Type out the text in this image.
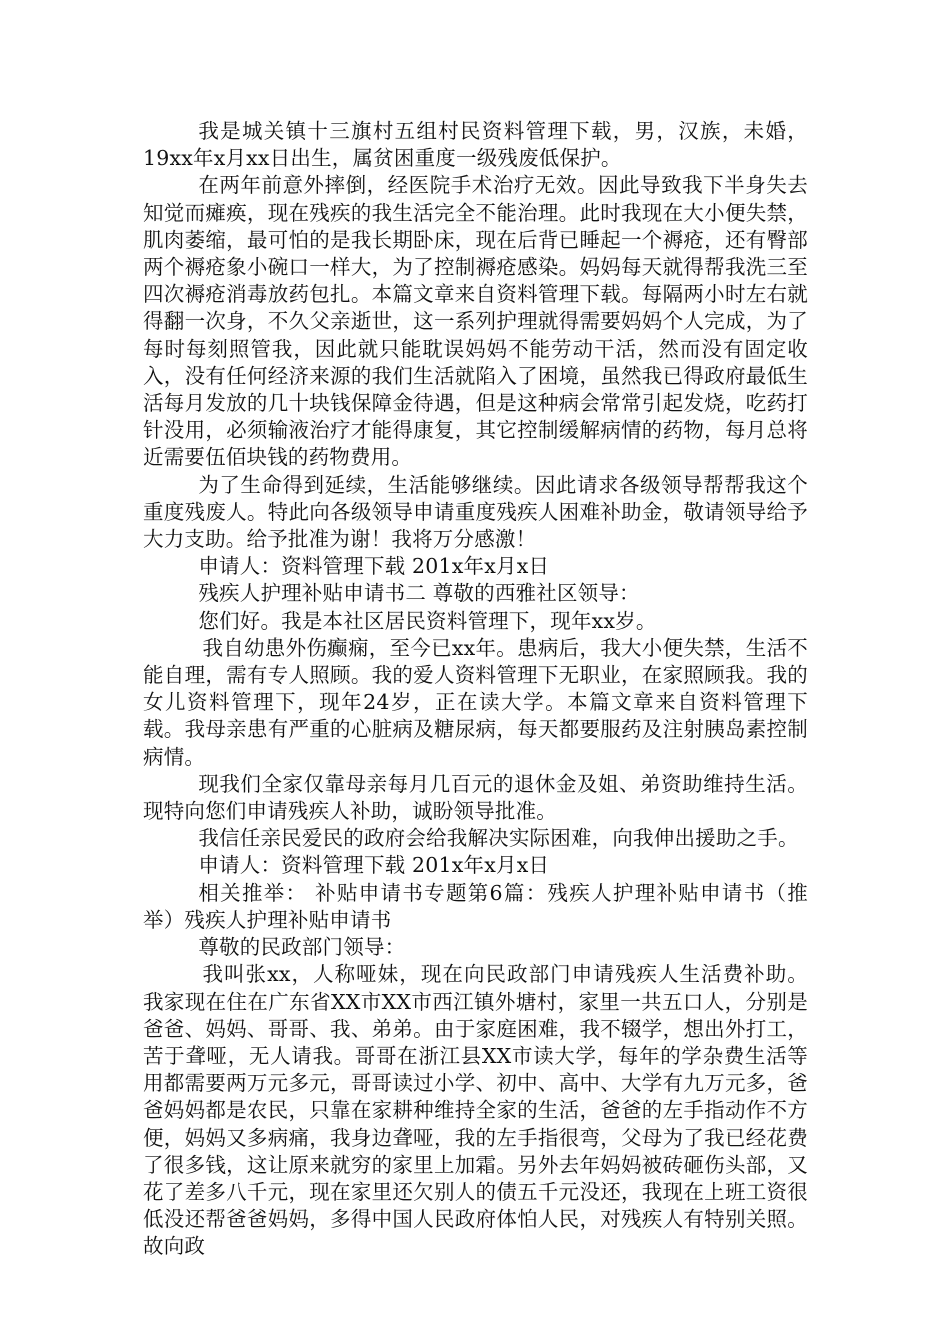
我是城关镇十三旗村五组村民资料管理下载，男，汉族，未婚，19xx年x月xx日出生，属贫困重度一级残废低保护。

在两年前意外摔倒，经医院手术治疗无效。因此导致我下半身失去知觉而瘫痪，现在残疾的我生活完全不能治理。此时我现在大小便失禁，肌肉萎缩，最可怕的是我长期卧床，现在后背已睡起一个褥疮，还有臀部两个褥疮象小碗口一样大，为了控制褥疮感染。妈妈每天就得帮我洗三至四次褥疮消毒放药包扎。本篇文章来自资料管理下载。每隔两小时左右就得翻一次身，不久父亲逝世，这一系列护理就得需要妈妈个人完成，为了每时每刻照管我，因此就只能耽误妈妈不能劳动干活，然而没有固定收入，没有任何经济来源的我们生活就陷入了困境，虽然我已得政府最低生活每月发放的几十块钱保障金待遇，但是这种病会常常引起发烧，吃药打针没用，必须输液治疗才能得康复，其它控制缓解病情的药物，每月总将近需要伍佰块钱的药物费用。

为了生命得到延续，生活能够继续。因此请求各级领导帮帮我这个重度残废人。特此向各级领导申请重度残疾人困难补助金，敬请领导给予大力支助。给予批准为谢！我将万分感激！

申请人：资料管理下载 201x年x月x日

残疾人护理补贴申请书二 尊敬的西雅社区领导：

您们好。我是本社区居民资料管理下，现年xx岁。

我自幼患外伤癫痫，至今已xx年。患病后，我大小便失禁，生活不能自理，需有专人照顾。我的爱人资料管理下无职业，在家照顾我。我的女儿资料管理下，现年24岁，正在读大学。本篇文章来自资料管理下载。我母亲患有严重的心脏病及糖尿病，每天都要服药及注射胰岛素控制病情。

现我们全家仅靠母亲每月几百元的退休金及姐、弟资助维持生活。现特向您们申请残疾人补助，诚盼领导批准。

我信任亲民爱民的政府会给我解决实际困难，向我伸出援助之手。

申请人：资料管理下载 201x年x月x日

相关推举： 补贴申请书专题第6篇：残疾人护理补贴申请书（推举）残疾人护理补贴申请书

尊敬的民政部门领导：

我叫张xx，人称哑妹，现在向民政部门申请残疾人生活费补助。 我家现在住在广东省XX市XX市西江镇外塘村，家里一共五口人，分别是爸爸、妈妈、哥哥、我、弟弟。由于家庭困难，我不辍学，想出外打工，苦于聋哑，无人请我。哥哥在浙江县XX市读大学，每年的学杂费生活等用都需要两万元多元，哥哥读过小学、初中、高中、大学有九万元多，爸爸妈妈都是农民，只靠在家耕种维持全家的生活，爸爸的左手指动作不方便，妈妈又多病痛，我身边聋哑，我的左手指很弯，父母为了我已经花费了很多钱，这让原来就穷的家里上加霜。另外去年妈妈被砖砸伤头部，又花了差多八千元，现在家里还欠别人的债五千元没还，我现在上班工资很低没还帮爸爸妈妈，多得中国人民政府体怕人民，对残疾人有特别关照。故向政
